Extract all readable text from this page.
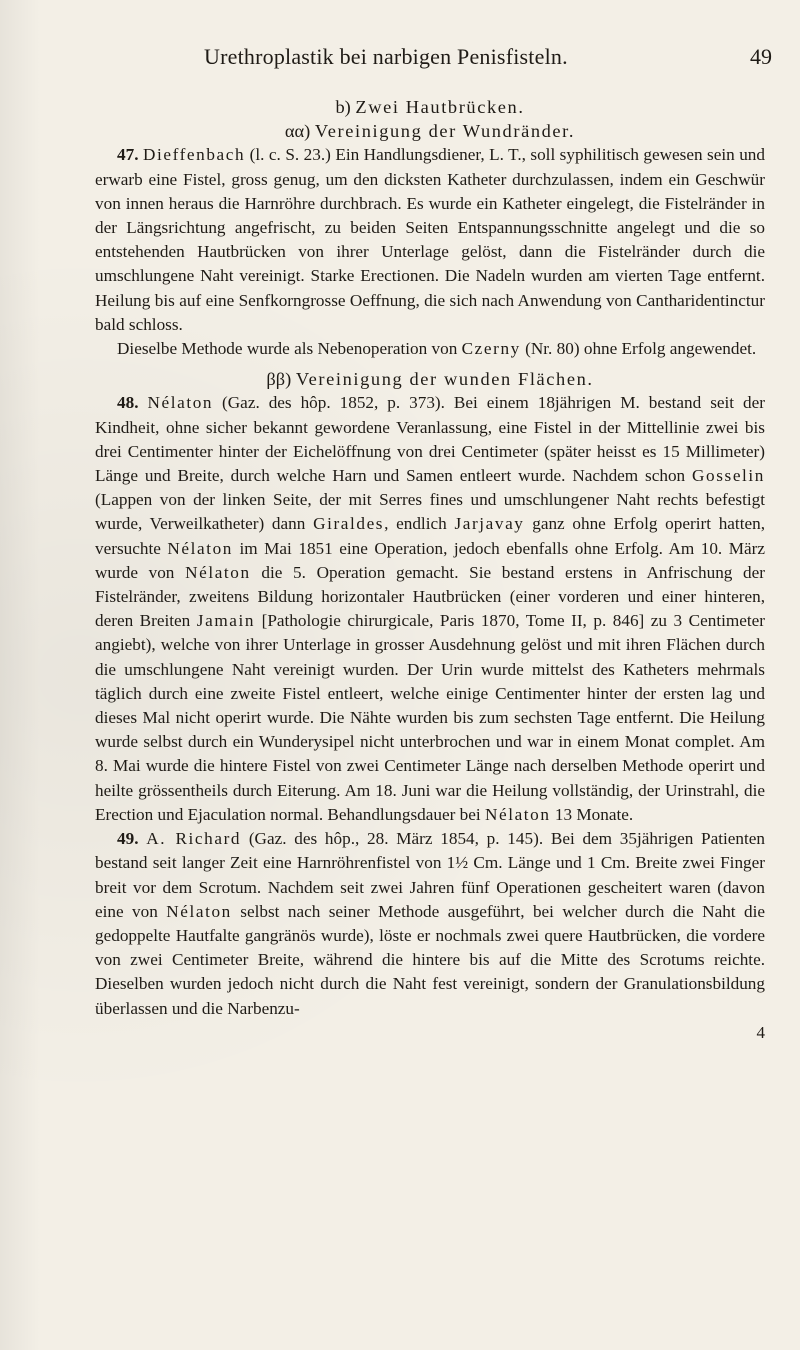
Urethroplastik bei narbigen Penisfisteln.	49

b) Zwei Hautbrücken.

αα) Vereinigung der Wundränder.

47. Dieffenbach (l. c. S. 23.) Ein Handlungsdiener, L. T., soll syphilitisch gewesen sein und erwarb eine Fistel, gross genug, um den dicksten Katheter durchzulassen, indem ein Geschwür von innen heraus die Harnröhre durchbrach. Es wurde ein Katheter eingelegt, die Fistelränder in der Längsrichtung angefrischt, zu beiden Seiten Entspannungsschnitte angelegt und die so entstehenden Hautbrücken von ihrer Unterlage gelöst, dann die Fistelränder durch die umschlungene Naht vereinigt. Starke Erectionen. Die Nadeln wurden am vierten Tage entfernt. Heilung bis auf eine Senfkorngrosse Oeffnung, die sich nach Anwendung von Cantharidentinctur bald schloss.

Dieselbe Methode wurde als Nebenoperation von Czerny (Nr. 80) ohne Erfolg angewendet.

ββ) Vereinigung der wunden Flächen.

48. Nélaton (Gaz. des hôp. 1852, p. 373). Bei einem 18jährigen M. bestand seit der Kindheit, ohne sicher bekannt gewordene Veranlassung, eine Fistel in der Mittellinie zwei bis drei Centimenter hinter der Eichelöffnung von drei Centimeter (später heisst es 15 Millimeter) Länge und Breite, durch welche Harn und Samen entleert wurde. Nachdem schon Gosselin (Lappen von der linken Seite, der mit Serres fines und umschlungener Naht rechts befestigt wurde, Verweilkatheter) dann Giraldes, endlich Jarjavay ganz ohne Erfolg operirt hatten, versuchte Nélaton im Mai 1851 eine Operation, jedoch ebenfalls ohne Erfolg. Am 10. März wurde von Nélaton die 5. Operation gemacht. Sie bestand erstens in Anfrischung der Fistelränder, zweitens Bildung horizontaler Hautbrücken (einer vorderen und einer hinteren, deren Breiten Jamain [Pathologie chirurgicale, Paris 1870, Tome II, p. 846] zu 3 Centimeter angiebt), welche von ihrer Unterlage in grosser Ausdehnung gelöst und mit ihren Flächen durch die umschlungene Naht vereinigt wurden. Der Urin wurde mittelst des Katheters mehrmals täglich durch eine zweite Fistel entleert, welche einige Centimenter hinter der ersten lag und dieses Mal nicht operirt wurde. Die Nähte wurden bis zum sechsten Tage entfernt. Die Heilung wurde selbst durch ein Wunderysipel nicht unterbrochen und war in einem Monat complet. Am 8. Mai wurde die hintere Fistel von zwei Centimeter Länge nach derselben Methode operirt und heilte grössentheils durch Eiterung. Am 18. Juni war die Heilung vollständig, der Urinstrahl, die Erection und Ejaculation normal. Behandlungsdauer bei Nélaton 13 Monate.

49. A. Richard (Gaz. des hôp., 28. März 1854, p. 145). Bei dem 35jährigen Patienten bestand seit langer Zeit eine Harnröhrenfistel von 1½ Cm. Länge und 1 Cm. Breite zwei Finger breit vor dem Scrotum. Nachdem seit zwei Jahren fünf Operationen gescheitert waren (davon eine von Nélaton selbst nach seiner Methode ausgeführt, bei welcher durch die Naht die gedoppelte Hautfalte gangränös wurde), löste er nochmals zwei quere Hautbrücken, die vordere von zwei Centimeter Breite, während die hintere bis auf die Mitte des Scrotums reichte. Dieselben wurden jedoch nicht durch die Naht fest vereinigt, sondern der Granulationsbildung überlassen und die Narbenzu-

4
